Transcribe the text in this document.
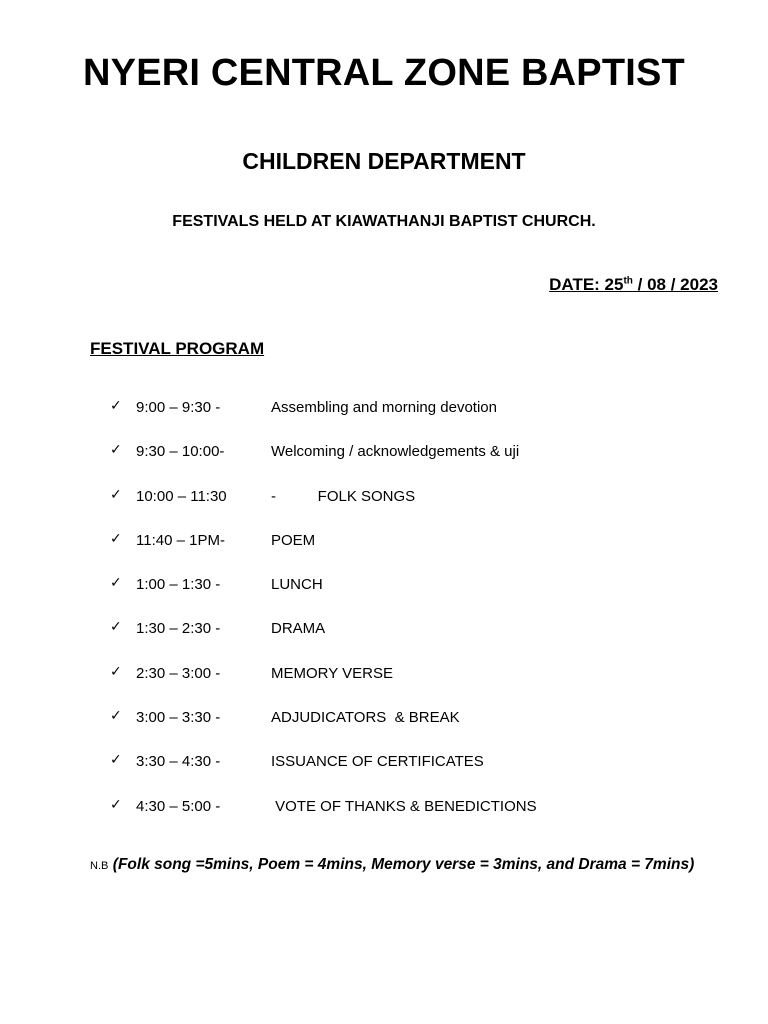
NYERI CENTRAL ZONE BAPTIST
CHILDREN DEPARTMENT

FESTIVALS HELD AT KIAWATHANJI BAPTIST CHURCH.

DATE: 25th / 08 / 2023
FESTIVAL PROGRAM
✓ 9:00 – 9:30 -	Assembling and morning devotion
✓ 9:30 – 10:00-	Welcoming / acknowledgements & uji
✓ 10:00 – 11:30	-          FOLK SONGS
✓ 11:40 – 1PM-	POEM
✓ 1:00 – 1:30 -	LUNCH
✓ 1:30 – 2:30 -	DRAMA
✓ 2:30 – 3:00 -	MEMORY VERSE
✓ 3:00 – 3:30 -	ADJUDICATORS  & BREAK
✓ 3:30 – 4:30 -	ISSUANCE OF CERTIFICATES
✓ 4:30 – 5:00 -	VOTE OF THANKS & BENEDICTIONS
N.B (Folk song =5mins, Poem = 4mins, Memory verse = 3mins, and Drama = 7mins)
